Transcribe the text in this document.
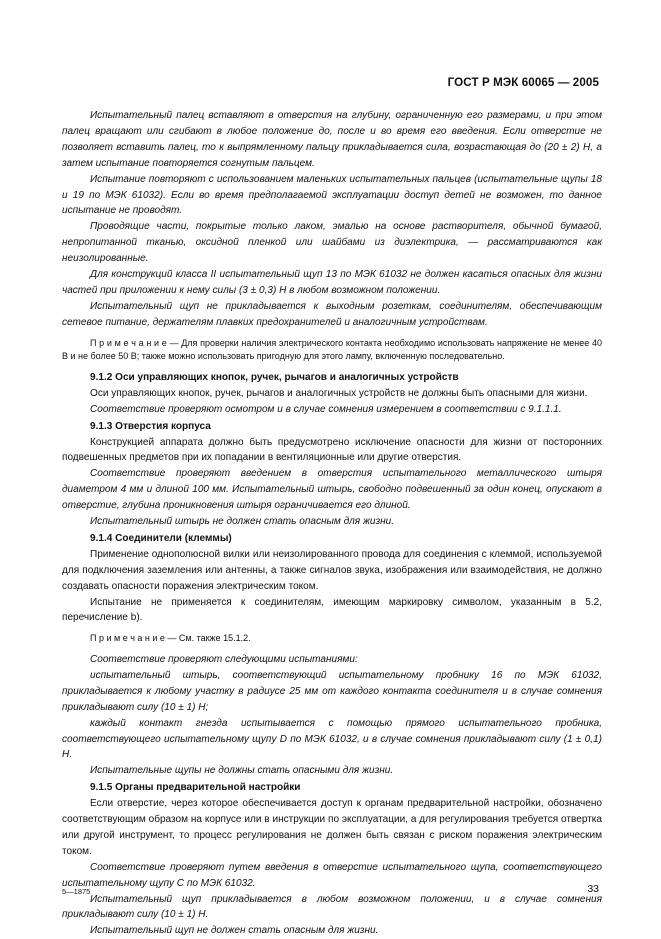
ГОСТ Р МЭК 60065 — 2005

Испытательный палец вставляют в отверстия на глубину, ограниченную его размерами, и при этом палец вращают или сгибают в любое положение до, после и во время его введения. Если отверстие не позволяет вставить палец, то к выпрямленному пальцу прикладывается сила, возрастающая до (20 ± 2) Н, а затем испытание повторяется согнутым пальцем.

Испытание повторяют с использованием маленьких испытательных пальцев (испытательные щупы 18 и 19 по МЭК 61032). Если во время предполагаемой эксплуатации доступ детей не возможен, то данное испытание не проводят.

Проводящие части, покрытые только лаком, эмалью на основе растворителя, обычной бумагой, непропитанной тканью, оксидной пленкой или шайбами из диэлектрика, — рассматриваются как неизолированные.

Для конструкций класса II испытательный щуп 13 по МЭК 61032 не должен касаться опасных для жизни частей при приложении к нему силы (3 ± 0,3) Н в любом возможном положении.

Испытательный щуп не прикладывается к выходным розеткам, соединителям, обеспечивающим сетевое питание, держателям плавких предохранителей и аналогичным устройствам.

П р и м е ч а н и е — Для проверки наличия электрического контакта необходимо использовать напряжение не менее 40 В и не более 50 В; также можно использовать пригодную для этого лампу, включенную последовательно.

9.1.2 Оси управляющих кнопок, ручек, рычагов и аналогичных устройств

Оси управляющих кнопок, ручек, рычагов и аналогичных устройств не должны быть опасными для жизни.

Соответствие проверяют осмотром и в случае сомнения измерением в соответствии с 9.1.1.1.

9.1.3 Отверстия корпуса

Конструкцией аппарата должно быть предусмотрено исключение опасности для жизни от посторонних подвешенных предметов при их попадании в вентиляционные или другие отверстия.

Соответствие проверяют введением в отверстия испытательного металлического штыря диаметром 4 мм и длиной 100 мм. Испытательный штырь, свободно подвешенный за один конец, опускают в отверстие, глубина проникновения штыря ограничивается его длиной.

Испытательный штырь не должен стать опасным для жизни.

9.1.4 Соединители (клеммы)

Применение однополюсной вилки или неизолированного провода для соединения с клеммой, используемой для подключения заземления или антенны, а также сигналов звука, изображения или взаимодействия, не должно создавать опасности поражения электрическим током.

Испытание не применяется к соединителям, имеющим маркировку символом, указанным в 5.2, перечисление b).

П р и м е ч а н и е — См. также 15.1.2.

Соответствие проверяют следующими испытаниями:

испытательный штырь, соответствующий испытательному пробнику 16 по МЭК 61032, прикладывается к любому участку в радиусе 25 мм от каждого контакта соединителя и в случае сомнения прикладывают силу (10 ± 1) Н;

каждый контакт гнезда испытывается с помощью прямого испытательного пробника, соответствующего испытательному щупу D по МЭК 61032, и в случае сомнения прикладывают силу (1 ± 0,1) Н.

Испытательные щупы не должны стать опасными для жизни.

9.1.5 Органы предварительной настройки

Если отверстие, через которое обеспечивается доступ к органам предварительной настройки, обозначено соответствующим образом на корпусе или в инструкции по эксплуатации, а для регулирования требуется отвертка или другой инструмент, то процесс регулирования не должен быть связан с риском поражения электрическим током.

Соответствие проверяют путем введения в отверстие испытательного щупа, соответствующего испытательному щупу С по МЭК 61032.

Испытательный щуп прикладывается в любом возможном положении, и в случае сомнения прикладывают силу (10 ± 1) Н.

Испытательный щуп не должен стать опасным для жизни.

5—1875	33
